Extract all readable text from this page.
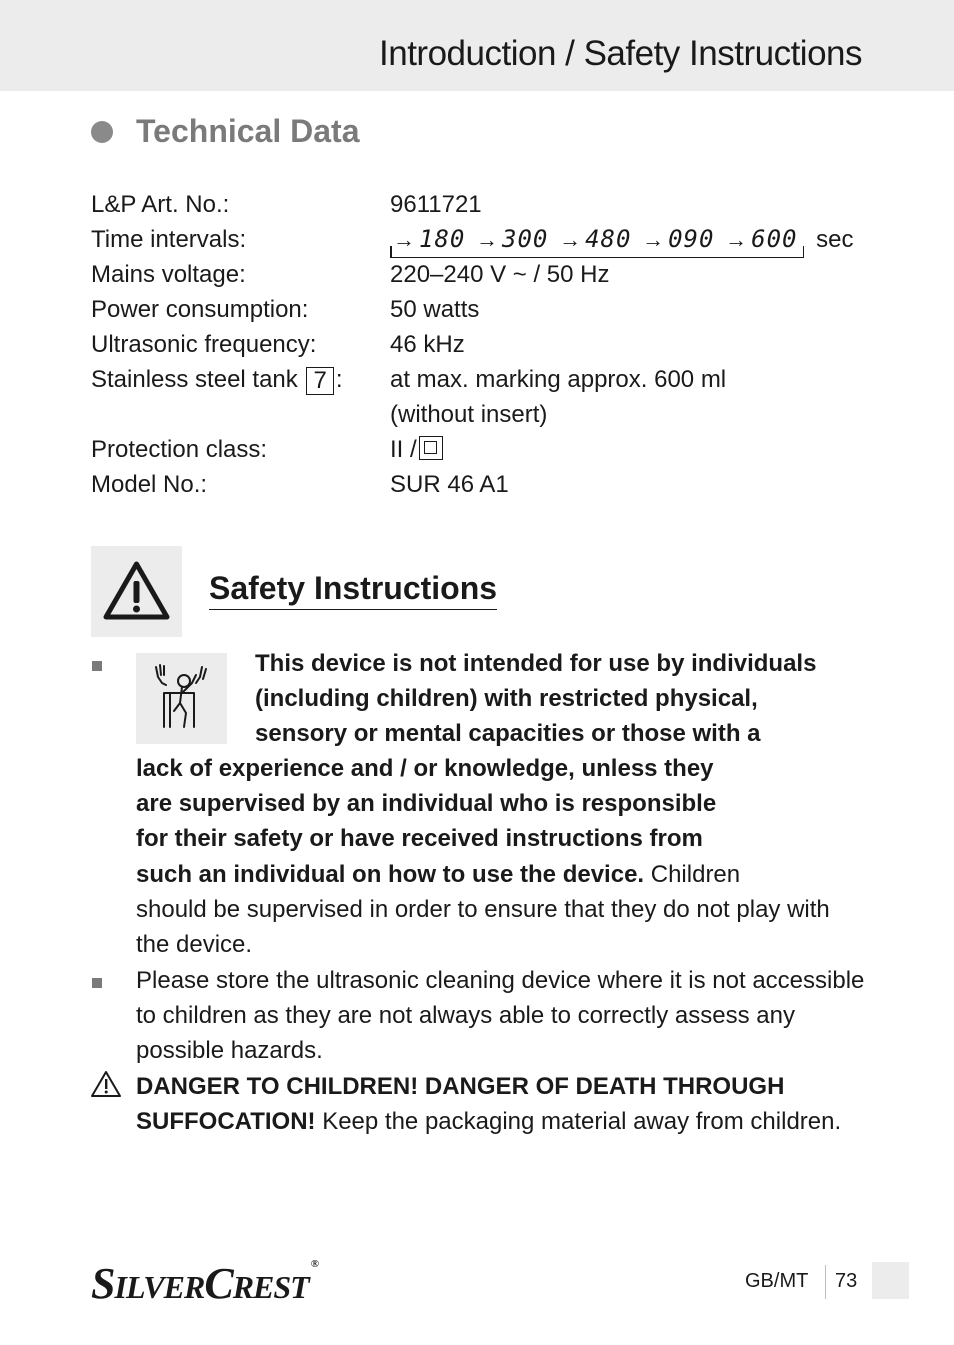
Introduction / Safety Instructions
Technical Data
L&P Art. No.:	9611721
Time intervals:	→ 180 → 300 → 480 → 090 → 600 sec
Mains voltage:	220–240 V ~ / 50 Hz
Power consumption:	50 watts
Ultrasonic frequency:	46 kHz
Stainless steel tank 7 : at max. marking approx. 600 ml
(without insert)
Protection class:	II /
Model No.:	SUR 46 A1
Safety Instructions
This device is not intended for use by individuals
(including children) with restricted physical,
sensory or mental capacities or those with a
lack of experience and / or knowledge, unless they
are supervised by an individual who is responsible
for their safety or have received instructions from
such an individual on how to use the device. Children
should be supervised in order to ensure that they do not play with
the device.
Please store the ultrasonic cleaning device where it is not accessible
to children as they are not always able to correctly assess any
possible hazards.
DANGER TO CHILDREN! DANGER OF DEATH THROUGH
SUFFOCATION! Keep the packaging material away from children.
SILVERCREST®
GB/MT 73
